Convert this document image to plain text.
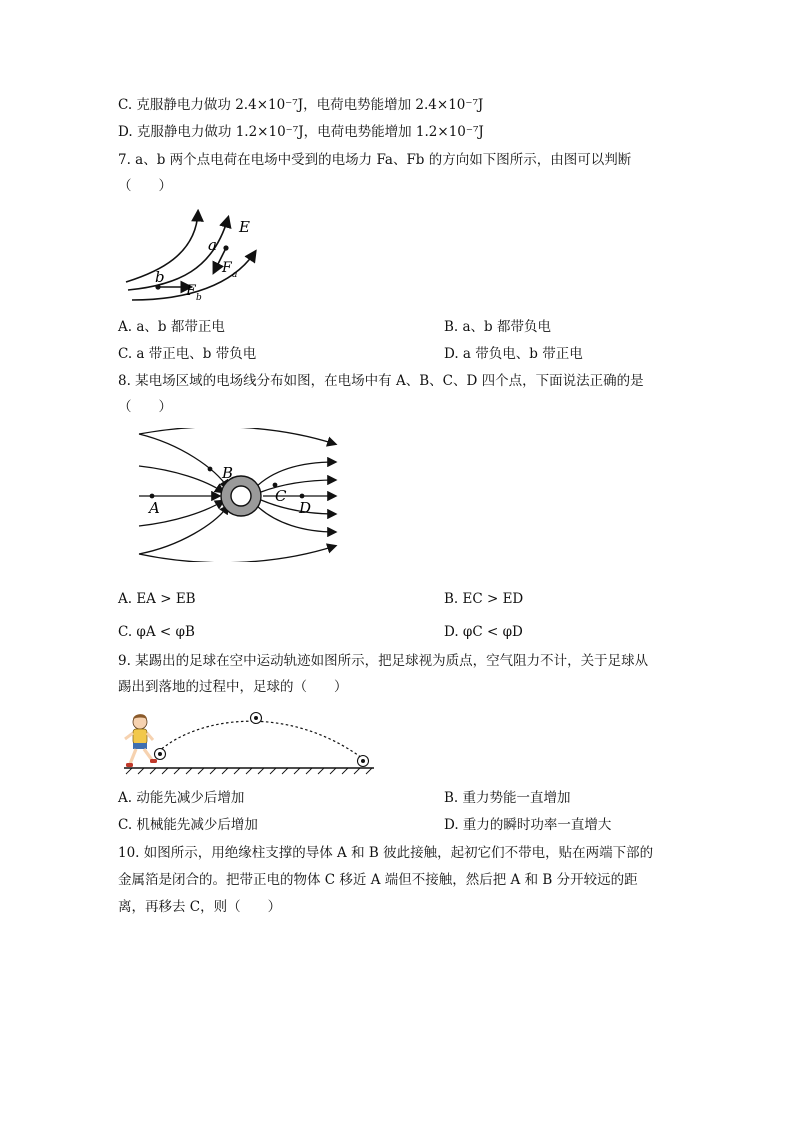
C. 克服静电力做功 2.4×10⁻⁷J，电荷电势能增加 2.4×10⁻⁷J
D. 克服静电力做功 1.2×10⁻⁷J，电荷电势能增加 1.2×10⁻⁷J
7. a、b 两个点电荷在电场中受到的电场力 Fa、Fb 的方向如下图所示，由图可以判断
（　　）
b
a
E
F a
F b
A. a、b 都带正电	B. a、b 都带负电
C. a 带正电、b 带负电	D. a 带负电、b 带正电
8. 某电场区域的电场线分布如图，在电场中有 A、B、C、D 四个点，下面说法正确的是
（　　）
A
B
C
D
A. EA > EB	B. EC > ED
C. φA < φB	D. φC < φD
9. 某踢出的足球在空中运动轨迹如图所示，把足球视为质点，空气阻力不计，关于足球从
踢出到落地的过程中，足球的（　　）
A. 动能先减少后增加	B. 重力势能一直增加
C. 机械能先减少后增加	D. 重力的瞬时功率一直增大
10. 如图所示，用绝缘柱支撑的导体 A 和 B 彼此接触，起初它们不带电，贴在两端下部的
金属箔是闭合的。把带正电的物体 C 移近 A 端但不接触，然后把 A 和 B 分开较远的距
离，再移去 C，则（　　）
